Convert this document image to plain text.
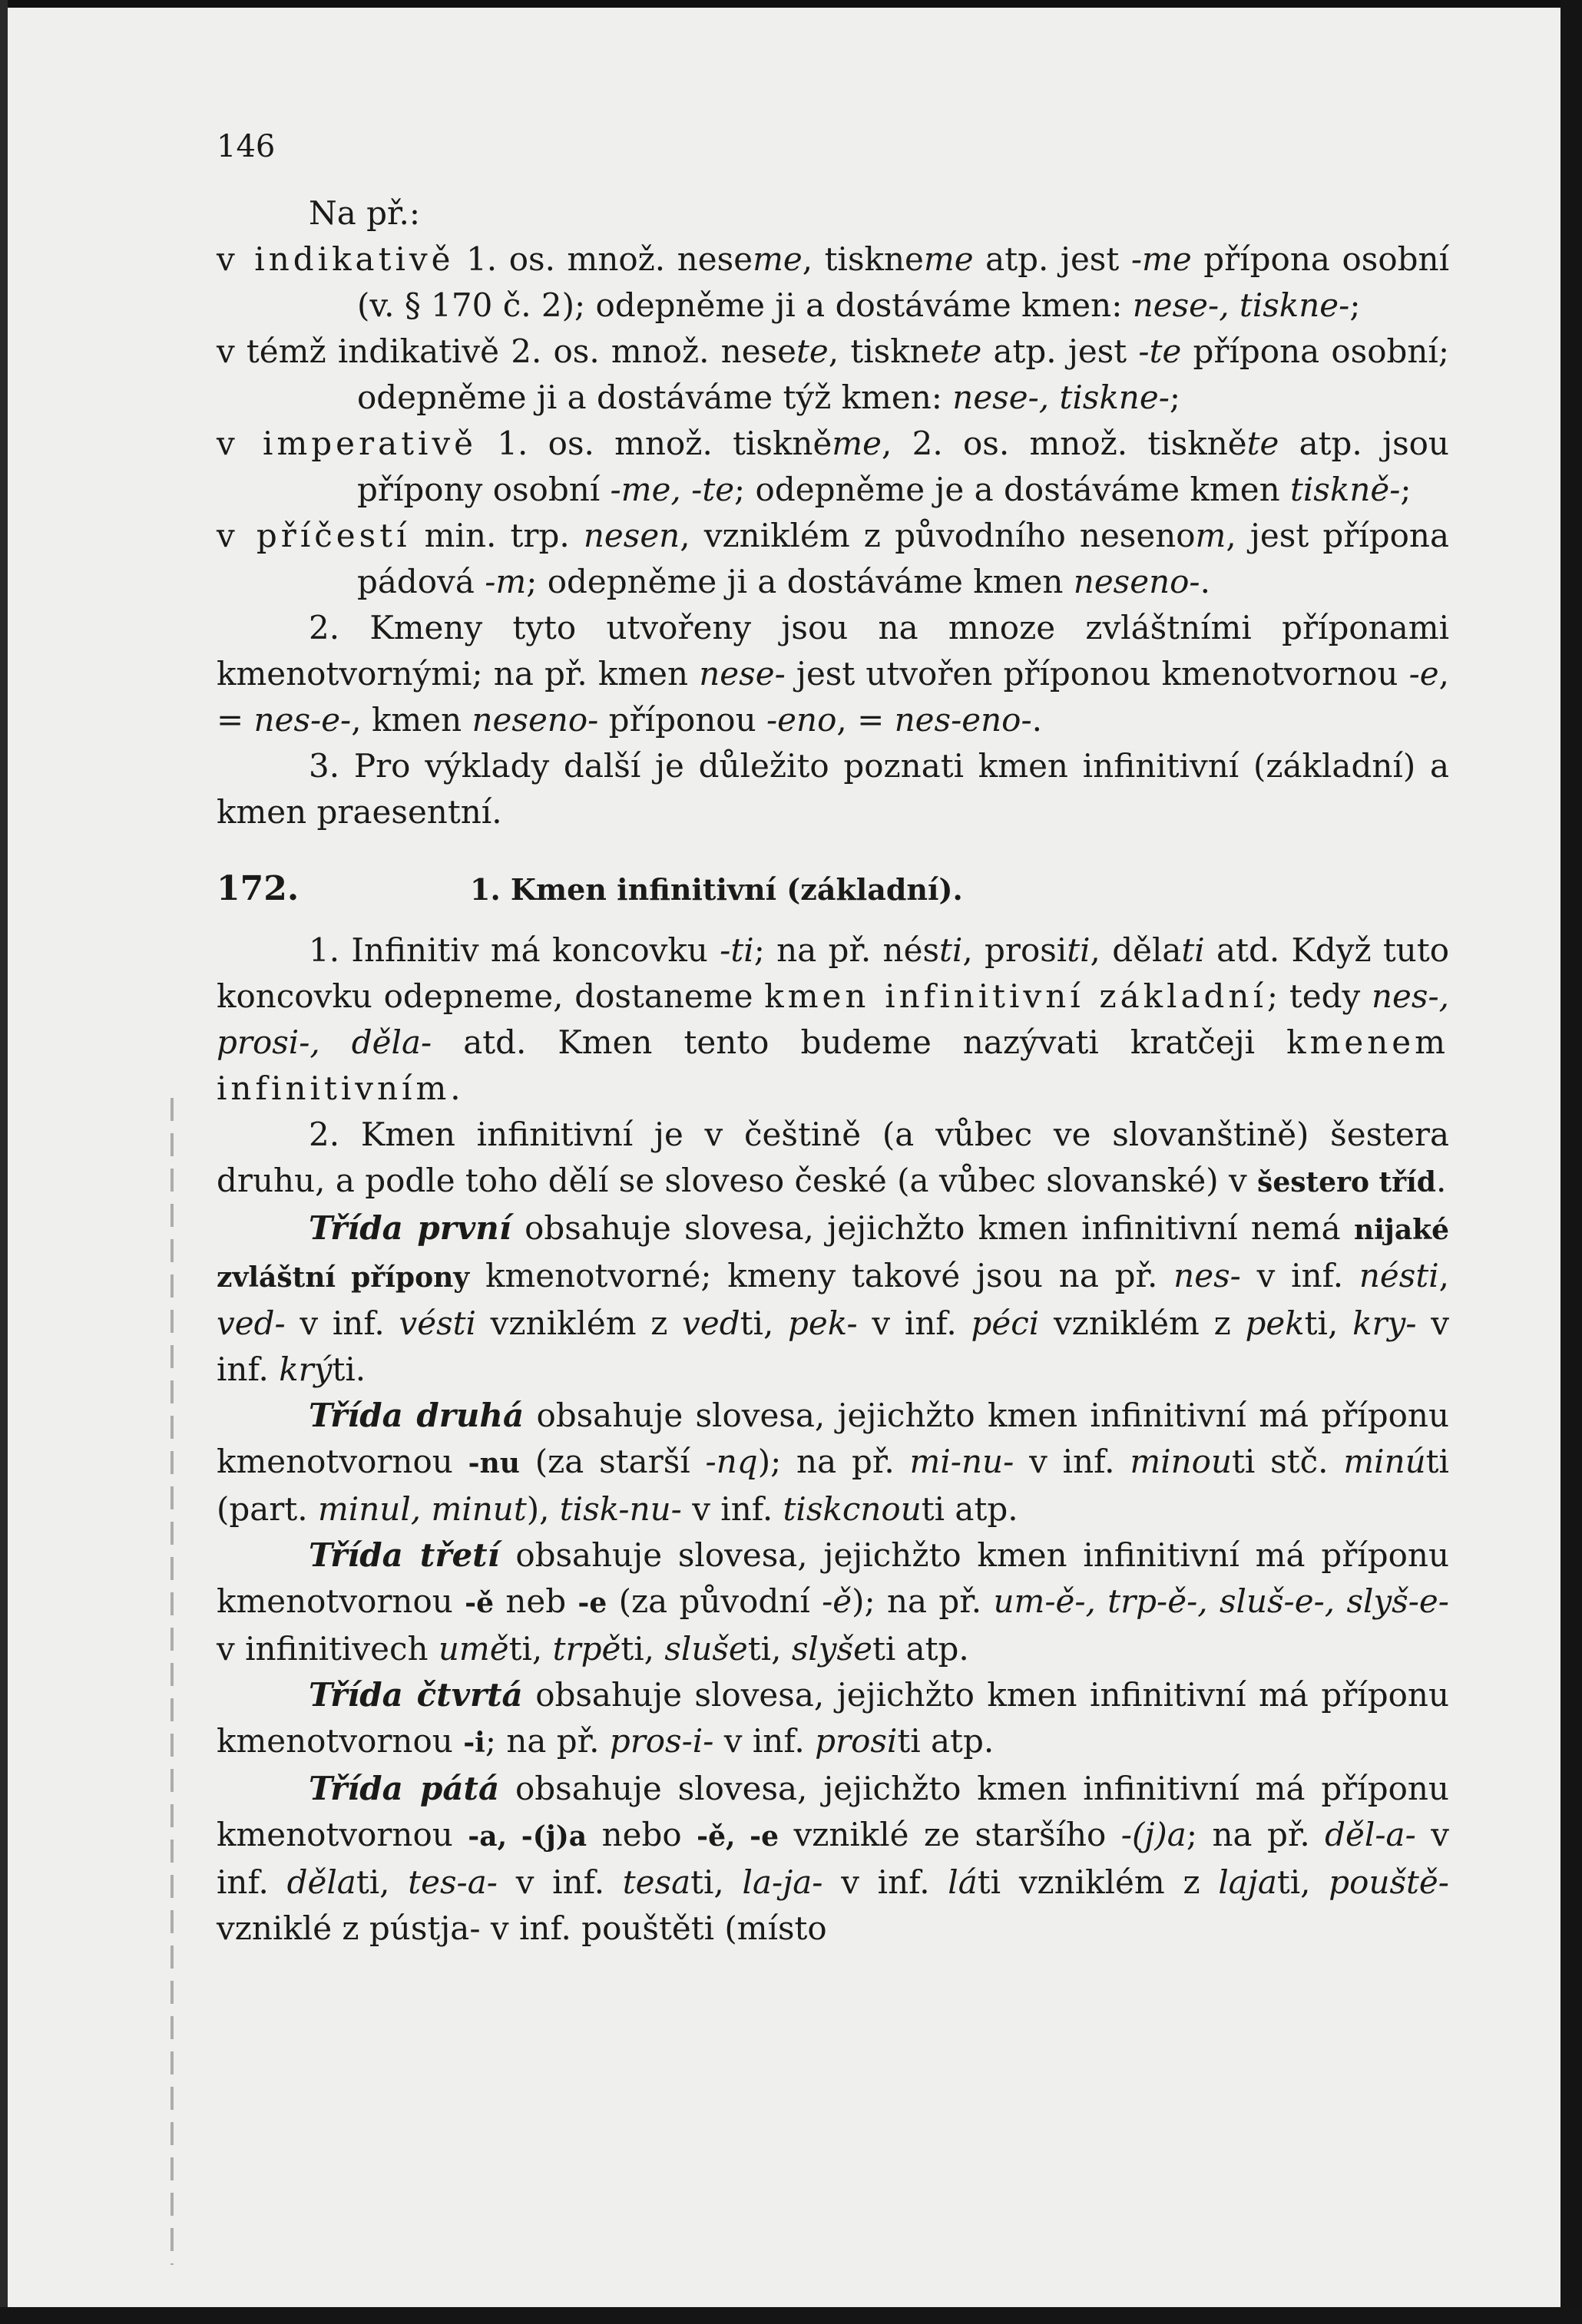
146

Na př.:

v indikativě 1. os. množ. neseme, tiskneme atp. jest -me přípona osobní (v. § 170 č. 2); odepněme ji a dostáváme kmen: nese-, tiskne-;

v témž indikativě 2. os. množ. nesete, tisknete atp. jest -te přípona osobní; odepněme ji a dostáváme týž kmen: nese-, tiskne-;

v imperativě 1. os. množ. tiskněme, 2. os. množ. tiskněte atp. jsou přípony osobní -me, -te; odepněme je a dostáváme kmen tiskně-;

v příčestí min. trp. nesen, vzniklém z původního nesenom, jest přípona pádová -m; odepněme ji a dostáváme kmen neseno-.

2. Kmeny tyto utvořeny jsou na mnoze zvláštními příponami kmenotvornými; na př. kmen nese- jest utvořen příponou kmenotvornou -e, = nes-e-, kmen neseno- příponou -eno, = nes-eno-.

3. Pro výklady další je důležito poznati kmen infinitivní (základní) a kmen praesentní.

172.	1. Kmen infinitivní (základní).

1. Infinitiv má koncovku -ti; na př. nésti, prositi, dělati atd. Když tuto koncovku odepneme, dostaneme kmen infinitivní základní; tedy nes-, prosi-, děla- atd. Kmen tento budeme nazývati kratčeji kmenem infinitivním.

2. Kmen infinitivní je v češtině (a vůbec ve slovanštině) šestera druhu, a podle toho dělí se sloveso české (a vůbec slovanské) v šestero tříd.

Třída první obsahuje slovesa, jejichžto kmen infinitivní nemá nijaké zvláštní přípony kmenotvorné; kmeny takové jsou na př. nes- v inf. nésti, ved- v inf. vésti vzniklém z vedti, pek- v inf. péci vzniklém z pekti, kry- v inf. krýti.

Třída druhá obsahuje slovesa, jejichžto kmen infinitivní má příponu kmenotvornou -nu (za starší -nq); na př. mi-nu- v inf. minouti stč. minúti (part. minul, minut), tisk-nu- v inf. tiskcnouti atp.

Třída třetí obsahuje slovesa, jejichžto kmen infinitivní má příponu kmenotvornou -ě neb -e (za původní -ě); na př. um-ě-, trp-ě-, sluš-e-, slyš-e- v infinitivech uměti, trpěti, slušeti, slyšeti atp.

Třída čtvrtá obsahuje slovesa, jejichžto kmen infinitivní má příponu kmenotvornou -i; na př. pros-i- v inf. prositi atp.

Třída pátá obsahuje slovesa, jejichžto kmen infinitivní má příponu kmenotvornou -a, -(j)a nebo -ě, -e vzniklé ze staršího -(j)a; na př. děl-a- v inf. dělati, tes-a- v inf. tesati, la-ja- v inf. láti vzniklém z lajati, pouště- vzniklé z pústja- v inf. pouštěti (místo
